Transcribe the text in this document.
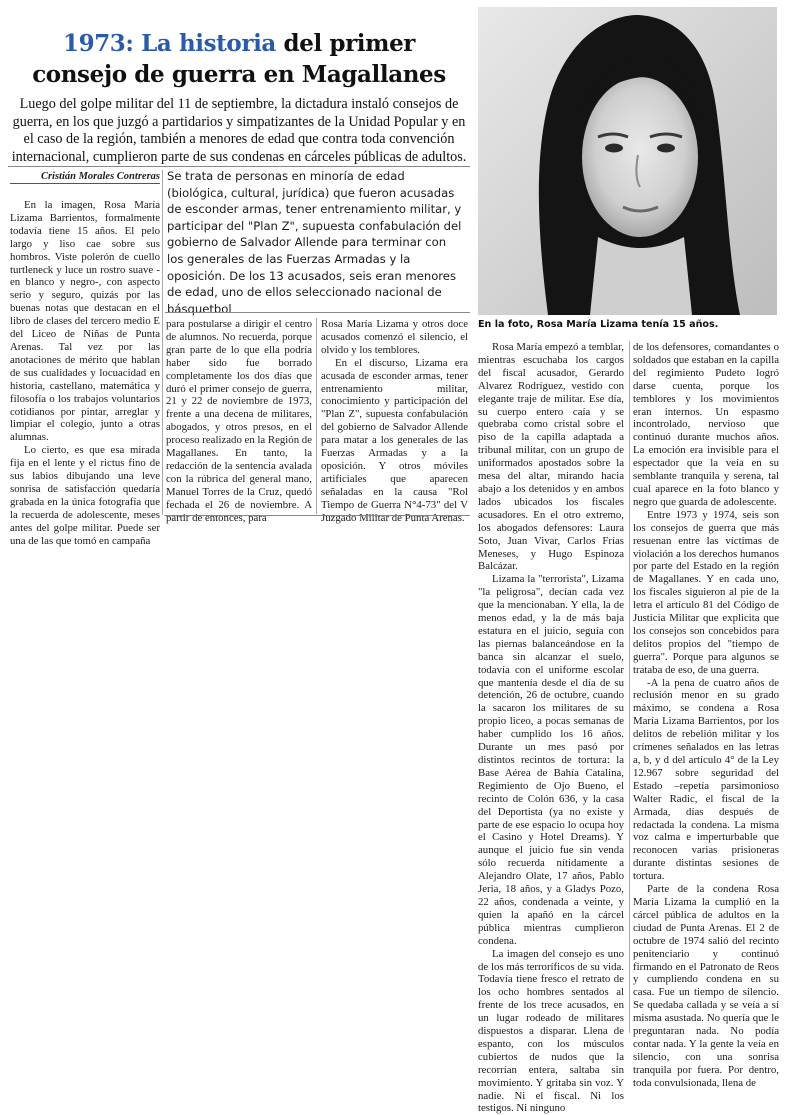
1973: La historia del primer
consejo de guerra en Magallanes
Luego del golpe militar del 11 de septiembre, la dictadura instaló consejos de guerra, en los que juzgó a partidarios y simpatizantes de la Unidad Popular y en el caso de la región, también a menores de edad que contra toda convención internacional, cumplieron parte de sus condenas en cárceles públicas de adultos.
Cristián Morales Contreras
En la foto, Rosa María Lizama tenía 15 años.

En la imagen, Rosa María Lizama Barrientos, formalmente todavía tiene 15 años. El pelo largo y liso cae sobre sus hombros. Viste polerón de cuello turtleneck y luce un rostro suave -en blanco y negro-, con aspecto serio y seguro, quizás por las buenas notas que destacan en el libro de clases del tercero medio E del Liceo de Niñas de Punta Arenas. Tal vez por las anotaciones de mérito que hablan de sus cualidades y locuacidad en historia, castellano, matemática y filosofía o los trabajos voluntarios cotidianos por pintar, arreglar y limpiar el colegio, junto a otras alumnas.

Lo cierto, es que esa mirada fija en el lente y el rictus fino de sus labios dibujando una leve sonrisa de satisfacción quedaría grabada en la única fotografía que la recuerda de adolescente, meses antes del golpe militar. Puede ser una de las que tomó en campaña

Se trata de personas en minoría de edad (biológica, cultural, jurídica) que fueron acusadas de esconder armas, tener entrenamiento militar, y participar del "Plan Z", supuesta confabulación del gobierno de Salvador Allende para terminar con los generales de las Fuerzas Armadas y la oposición. De los 13 acusados, seis eran menores de edad, uno de ellos seleccionado nacional de básquetbol

para postularse a dirigir el centro de alumnos. No recuerda, porque gran parte de lo que ella podría haber sido fue borrado completamente los dos días que duró el primer consejo de guerra, 21 y 22 de noviembre de 1973, frente a una decena de militares, abogados, y otros presos, en el proceso realizado en la Región de Magallanes. En tanto, la redacción de la sentencia avalada con la rúbrica del general mano, Manuel Torres de la Cruz, quedó fechada el 26 de noviembre. A partir de entonces, para

Rosa María Lizama y otros doce acusados comenzó el silencio, el olvido y los temblores.

En el discurso, Lizama era acusada de esconder armas, tener entrenamiento militar, conocimiento y participación del "Plan Z", supuesta confabulación del gobierno de Salvador Allende para matar a los generales de las Fuerzas Armadas y a la oposición. Y otros móviles artificiales que aparecen señaladas en la causa "Rol Tiempo de Guerra N°4-73" del V Juzgado Militar de Punta Arenas.

Rosa María empezó a temblar, mientras escuchaba los cargos del fiscal acusador, Gerardo Alvarez Rodríguez, vestido con elegante traje de militar. Ese día, su cuerpo entero caía y se quebraba como cristal sobre el piso de la capilla adaptada a tribunal militar, con un grupo de uniformados apostados sobre la mesa del altar, mirando hacia abajo a los detenidos y en ambos lados ubicados los fiscales acusadores. En el otro extremo, los abogados defensores: Laura Soto, Juan Vivar, Carlos Frías Meneses, y Hugo Espinoza Balcázar.

Lizama la "terrorista", Lizama "la peligrosa", decían cada vez que la mencionaban. Y ella, la de menos edad, y la de más baja estatura en el juicio, seguía con las piernas balanceándose en la banca sin alcanzar el suelo, todavía con el uniforme escolar que mantenía desde el día de su detención, 26 de octubre, cuando la sacaron los militares de su propio liceo, a pocas semanas de haber cumplido los 16 años. Durante un mes pasó por distintos recintos de tortura: la Base Aérea de Bahía Catalina, Regimiento de Ojo Bueno, el recinto de Colón 636, y la casa del Deportista (ya no existe y parte de ese espacio lo ocupa hoy el Casino y Hotel Dreams). Y aunque el juicio fue sin venda sólo recuerda nítidamente a Alejandro Olate, 17 años, Pablo Jeria, 18 años, y a Gladys Pozo, 22 años, condenada a veinte, y quien la apañó en la cárcel pública mientras cumplieron condena.

La imagen del consejo es uno de los más terroríficos de su vida. Todavía tiene fresco el retrato de los ocho hombres sentados al frente de los trece acusados, en un lugar rodeado de militares dispuestos a disparar. Llena de espanto, con los músculos cubiertos de nudos que la recorrían entera, saltaba sin movimiento. Y gritaba sin voz. Y nadie. Ni el fiscal. Ni los testigos. Ni ninguno

de los defensores, comandantes o soldados que estaban en la capilla del regimiento Pudeto logró darse cuenta, porque los temblores y los movimientos eran internos. Un espasmo incontrolado, nervioso que continuó durante muchos años. La emoción era invisible para el espectador que la veía en su semblante tranquila y serena, tal cual aparece en la foto blanco y negro que guarda de adolescente.

Entre 1973 y 1974, seis son los consejos de guerra que más resuenan entre las víctimas de violación a los derechos humanos por parte del Estado en la región de Magallanes. Y en cada uno, los fiscales siguieron al pie de la letra el artículo 81 del Código de Justicia Militar que explicita que los consejos son concebidos para delitos propios del "tiempo de guerra". Porque para algunos se trataba de eso, de una guerra.

-A la pena de cuatro años de reclusión menor en su grado máximo, se condena a Rosa María Lizama Barrientos, por los delitos de rebelión militar y los crímenes señalados en las letras a, b, y d del artículo 4° de la Ley 12.967 sobre seguridad del Estado –repetía parsimonioso Walter Radic, el fiscal de la Armada, días después de redactada la condena. La misma voz calma e imperturbable que reconocen varias prisioneras durante distintas sesiones de tortura.

Parte de la condena Rosa María Lizama la cumplió en la cárcel pública de adultos en la ciudad de Punta Arenas. El 2 de octubre de 1974 salió del recinto penitenciario y continuó firmando en el Patronato de Reos y cumpliendo condena en su casa. Fue un tiempo de silencio. Se quedaba callada y se veía a sí misma asustada. No quería que le preguntaran nada. No podía contar nada. Y la gente la veía en silencio, con una sonrisa tranquila por fuera. Por dentro, toda convulsionada, llena de
